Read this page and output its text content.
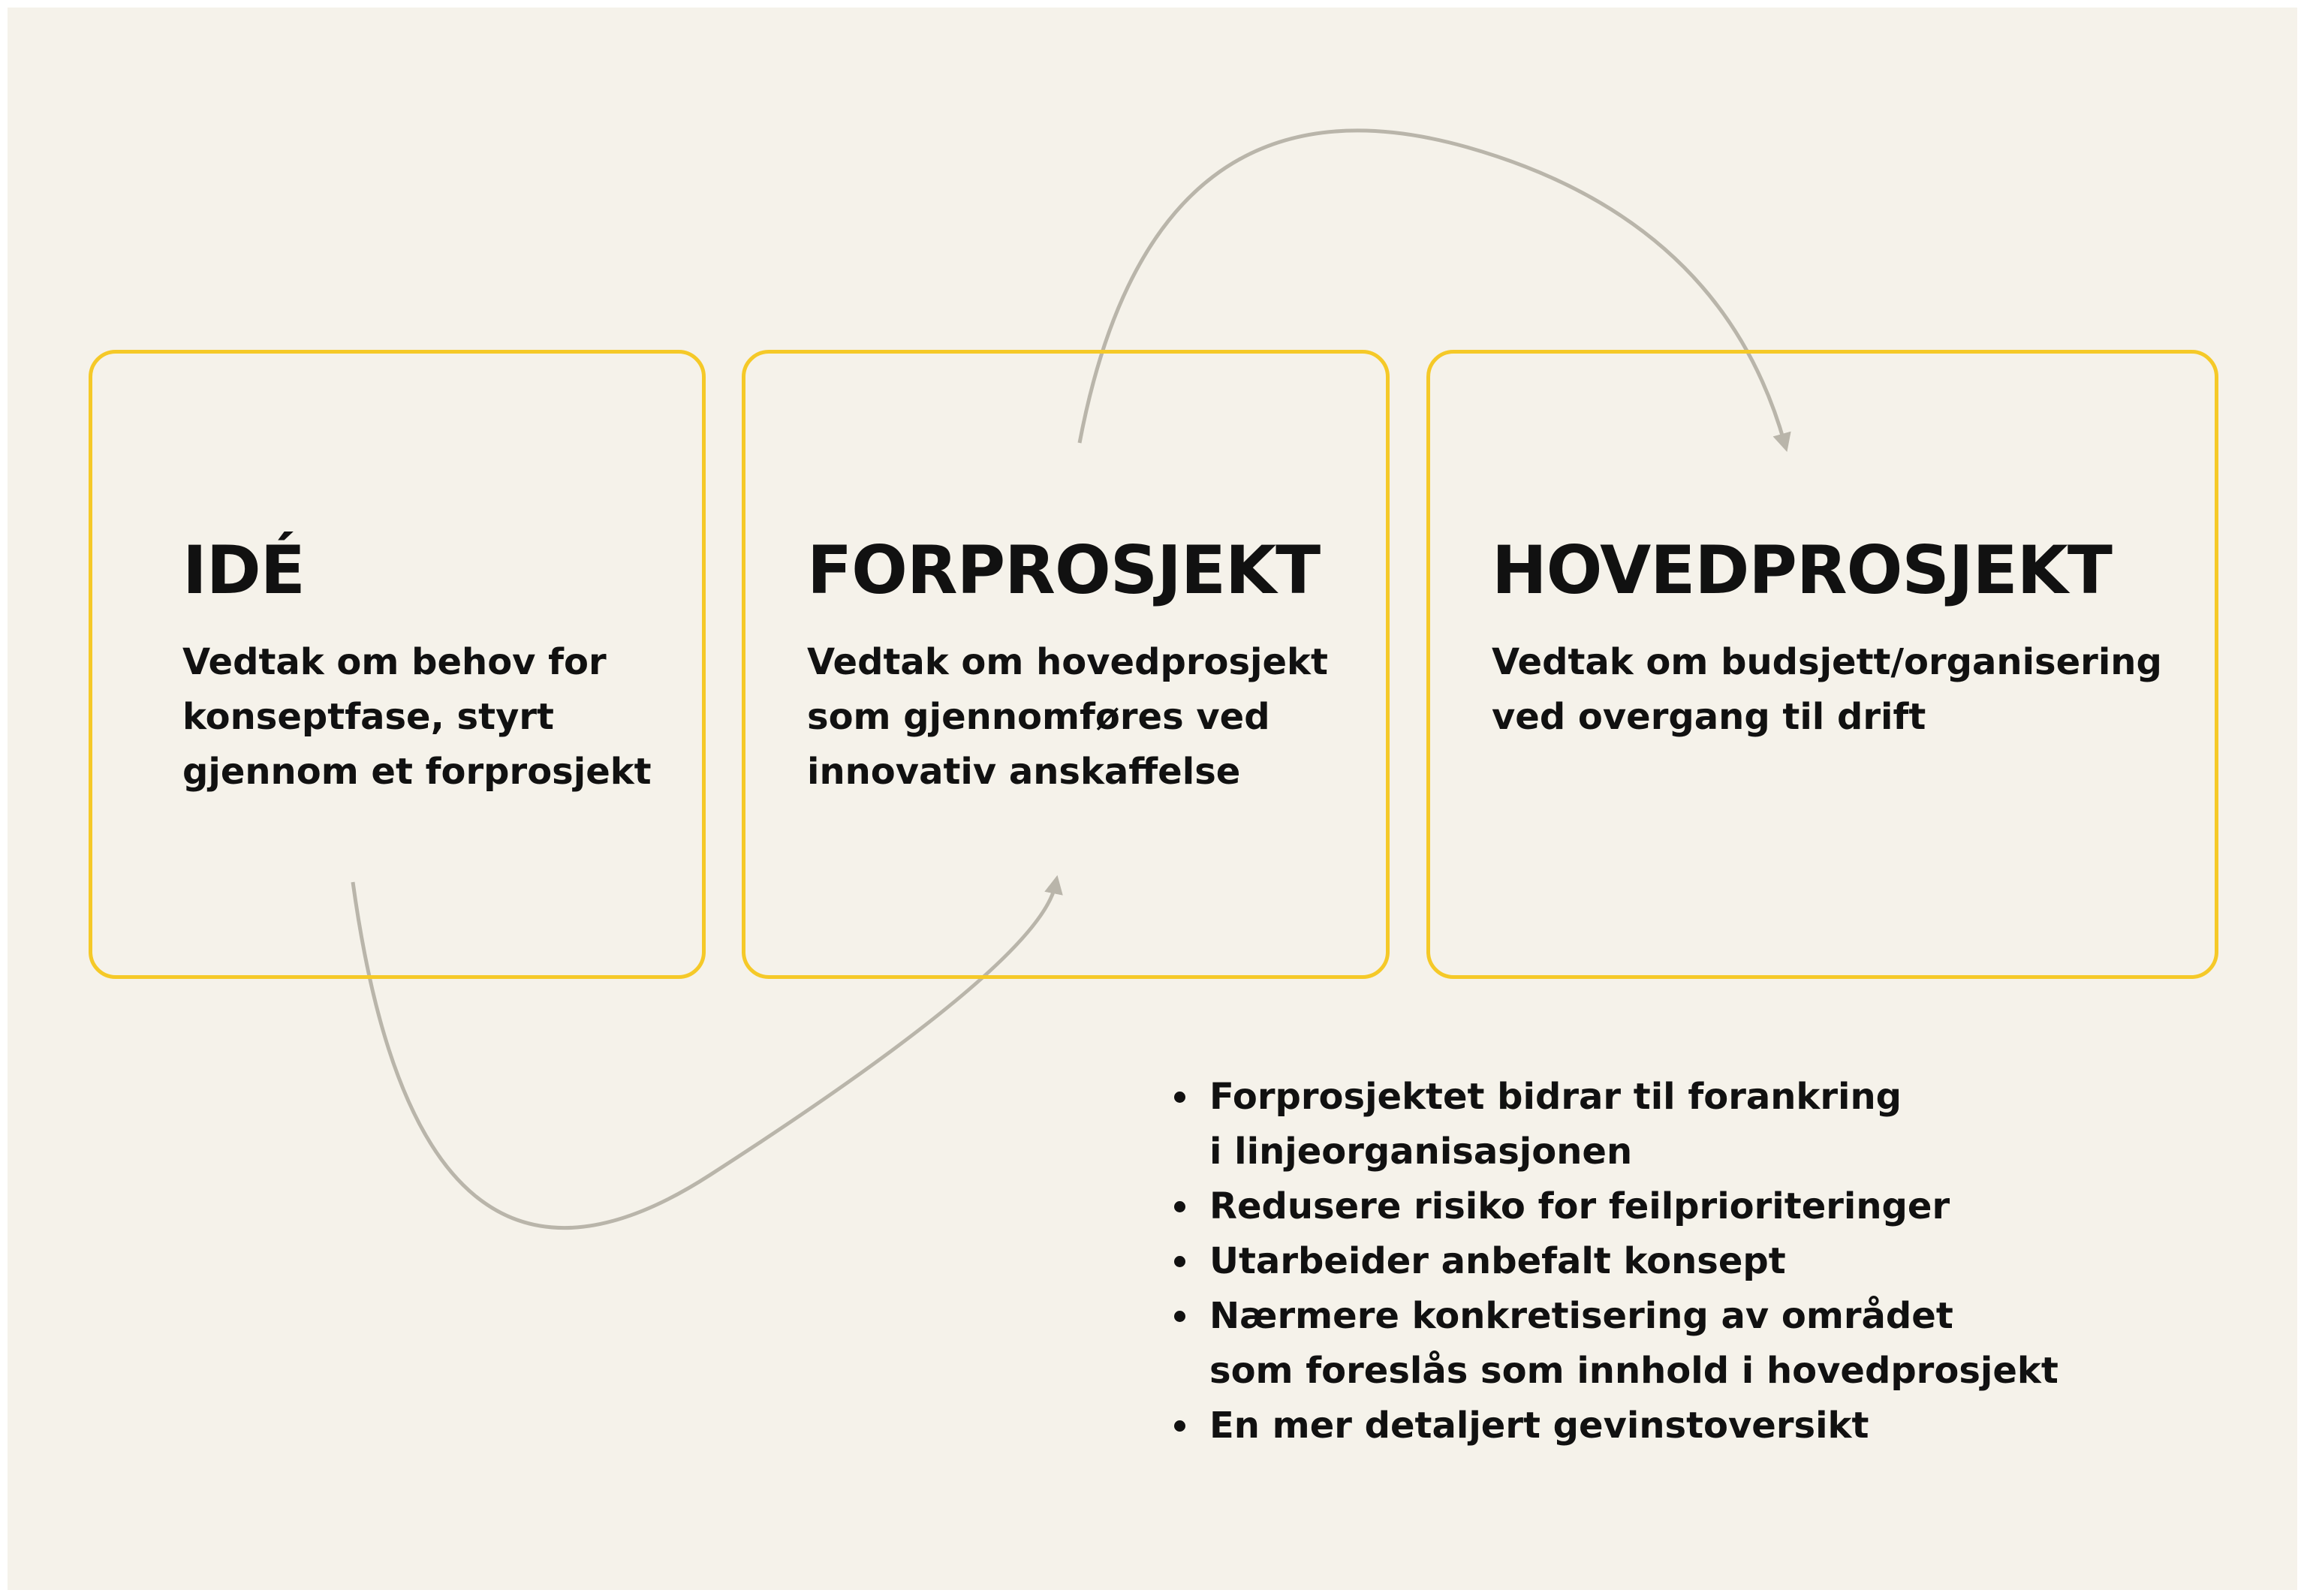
IDÉ
Vedtak om behov for
konseptfase, styrt
gjennom et forprosjekt
FORPROSJEKT
Vedtak om hovedprosjekt
som gjennomføres ved
innovativ anskaffelse
HOVEDPROSJEKT
Vedtak om budsjett/organisering
ved overgang til drift
Forprosjektet bidrar til forankring
i linjeorganisasjonen
Redusere risiko for feilprioriteringer
Utarbeider anbefalt konsept
Nærmere konkretisering av området
som foreslås som innhold i hovedprosjekt
En mer detaljert gevinstoversikt
